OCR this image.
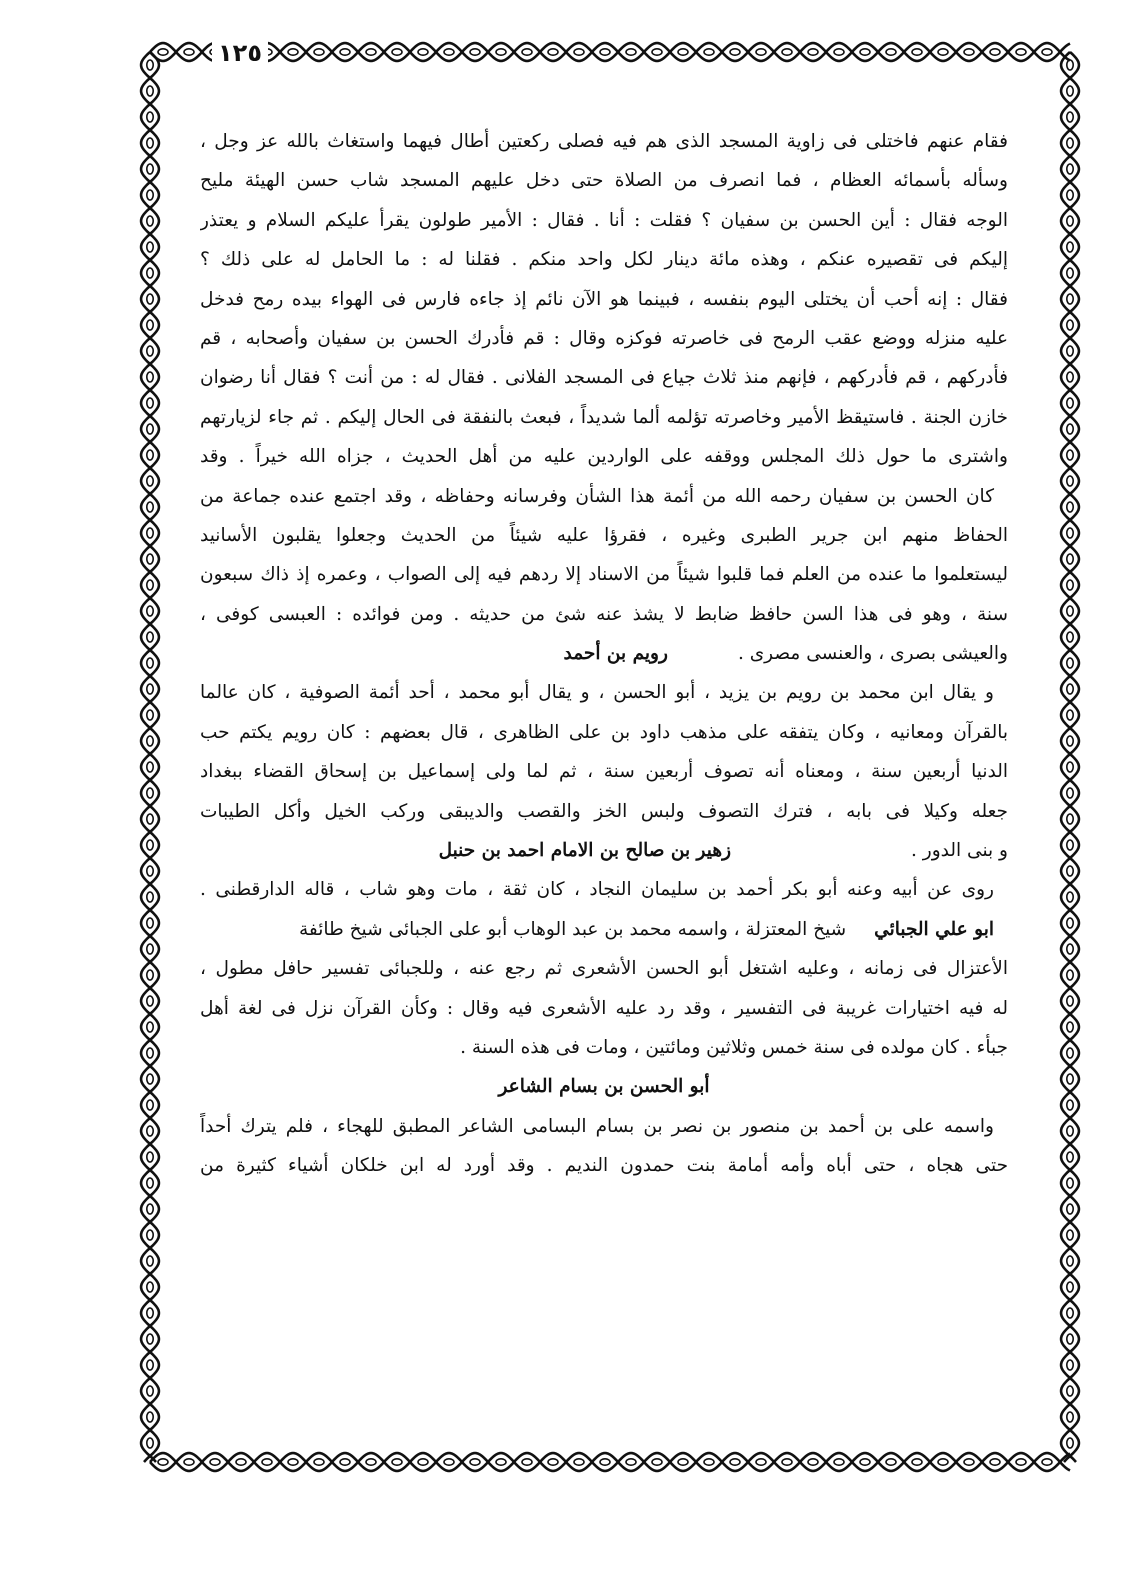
١٢٥
فقام عنهم فاختلى فى زاوية المسجد الذى هم فيه فصلى ركعتين أطال فيهما واستغاث بالله عز وجل ،
وسأله بأسمائه العظام ، فما انصرف من الصلاة حتى دخل عليهم المسجد شاب حسن الهيئة مليح
الوجه فقال : أين الحسن بن سفيان ؟ فقلت : أنا . فقال : الأمير طولون يقرأ عليكم السلام و يعتذر
إليكم فى تقصيره عنكم ، وهذه مائة دينار لكل واحد منكم . فقلنا له : ما الحامل له على ذلك ؟
فقال : إنه أحب أن يختلى اليوم بنفسه ، فبينما هو الآن نائم إذ جاءه فارس فى الهواء بيده رمح فدخل
عليه منزله ووضع عقب الرمح فى خاصرته فوكزه وقال : قم فأدرك الحسن بن سفيان وأصحابه ، قم
فأدركهم ، قم فأدركهم ، فإنهم منذ ثلاث جياع فى المسجد الفلانى . فقال له : من أنت ؟ فقال أنا رضوان
خازن الجنة . فاستيقظ الأمير وخاصرته تؤلمه ألما شديداً ، فبعث بالنفقة فى الحال إليكم . ثم جاء لزيارتهم
واشترى ما حول ذلك المجلس ووقفه على الواردين عليه من أهل الحديث ، جزاه الله خيراً . وقد
كان الحسن بن سفيان رحمه الله من أئمة هذا الشأن وفرسانه وحفاظه ، وقد اجتمع عنده جماعة من
الحفاظ منهم ابن جرير الطبرى وغيره ، فقرؤا عليه شيئاً من الحديث وجعلوا يقلبون الأسانيد
ليستعلموا ما عنده من العلم فما قلبوا شيئاً من الاسناد إلا ردهم فيه إلى الصواب ، وعمره إذ ذاك سبعون
سنة ، وهو فى هذا السن حافظ ضابط لا يشذ عنه شئ من حديثه . ومن فوائده : العبسى كوفى ،
والعيشى بصرى ، والعنسى مصرى .
رويم بن أحمد
و يقال ابن محمد بن رويم بن يزيد ، أبو الحسن ، و يقال أبو محمد ، أحد أئمة الصوفية ، كان عالما
بالقرآن ومعانيه ، وكان يتفقه على مذهب داود بن على الظاهرى ، قال بعضهم : كان رويم يكتم حب
الدنيا أربعين سنة ، ومعناه أنه تصوف أربعين سنة ، ثم لما ولى إسماعيل بن إسحاق القضاء ببغداد
جعله وكيلا فى بابه ، فترك التصوف ولبس الخز والقصب والديبقى وركب الخيل وأكل الطيبات
و بنى الدور .
زهير بن صالح بن الامام احمد بن حنبل
روى عن أبيه وعنه أبو بكر أحمد بن سليمان النجاد ، كان ثقة ، مات وهو شاب ، قاله الدارقطنى .
ابو علي الجبائي
شيخ المعتزلة ، واسمه محمد بن عبد الوهاب أبو على الجبائى شيخ طائفة
الأعتزال فى زمانه ، وعليه اشتغل أبو الحسن الأشعرى ثم رجع عنه ، وللجبائى تفسير حافل مطول ،
له فيه اختيارات غريبة فى التفسير ، وقد رد عليه الأشعرى فيه وقال : وكأن القرآن نزل فى لغة أهل
جبأء . كان مولده فى سنة خمس وثلاثين ومائتين ، ومات فى هذه السنة .
أبو الحسن بن بسام الشاعر
واسمه على بن أحمد بن منصور بن نصر بن بسام البسامى الشاعر المطبق للهجاء ، فلم يترك أحداً
حتى هجاه ، حتى أباه وأمه أمامة بنت حمدون النديم . وقد أورد له ابن خلكان أشياء كثيرة من
